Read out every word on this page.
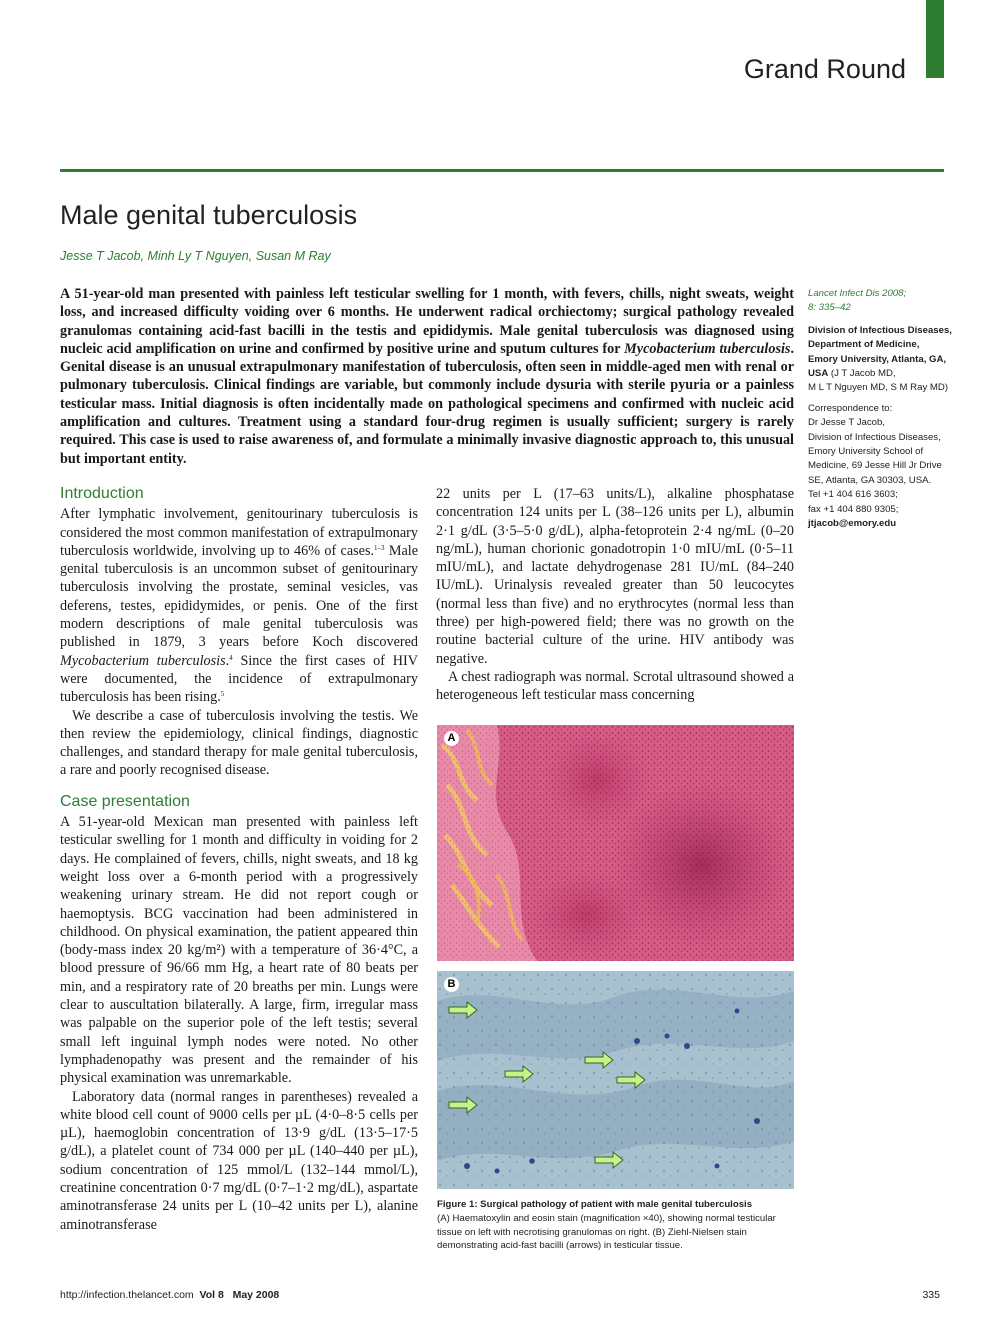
Grand Round
Male genital tuberculosis
Jesse T Jacob, Minh Ly T Nguyen, Susan M Ray

A 51-year-old man presented with painless left testicular swelling for 1 month, with fevers, chills, night sweats, weight loss, and increased difficulty voiding over 6 months. He underwent radical orchiectomy; surgical pathology revealed granulomas containing acid-fast bacilli in the testis and epididymis. Male genital tuberculosis was diagnosed using nucleic acid amplification on urine and confirmed by positive urine and sputum cultures for Mycobacterium tuberculosis. Genital disease is an unusual extrapulmonary manifestation of tuberculosis, often seen in middle-aged men with renal or pulmonary tuberculosis. Clinical findings are variable, but commonly include dysuria with sterile pyuria or a painless testicular mass. Initial diagnosis is often incidentally made on pathological specimens and confirmed with nucleic acid amplification and cultures. Treatment using a standard four-drug regimen is usually sufficient; surgery is rarely required. This case is used to raise awareness of, and formulate a minimally invasive diagnostic approach to, this unusual but important entity.

Introduction

After lymphatic involvement, genitourinary tuberculosis is considered the most common manifestation of extrapulmonary tuberculosis worldwide, involving up to 46% of cases.$^{1-3}$ Male genital tuberculosis is an uncommon subset of genitourinary tuberculosis involving the prostate, seminal vesicles, vas deferens, testes, epididymides, or penis. One of the first modern descriptions of male genital tuberculosis was published in 1879, 3 years before Koch discovered Mycobacterium tuberculosis.$^4$ Since the first cases of HIV were documented, the incidence of extrapulmonary tuberculosis has been rising.$^5$

We describe a case of tuberculosis involving the testis. We then review the epidemiology, clinical findings, diagnostic challenges, and standard therapy for male genital tuberculosis, a rare and poorly recognised disease.

Case presentation

A 51-year-old Mexican man presented with painless left testicular swelling for 1 month and difficulty in voiding for 2 days. He complained of fevers, chills, night sweats, and 18 kg weight loss over a 6-month period with a progressively weakening urinary stream. He did not report cough or haemoptysis. BCG vaccination had been administered in childhood. On physical examination, the patient appeared thin (body-mass index 20 kg/m²) with a temperature of 36·4°C, a blood pressure of 96/66 mm Hg, a heart rate of 80 beats per min, and a respiratory rate of 20 breaths per min. Lungs were clear to auscultation bilaterally. A large, firm, irregular mass was palpable on the superior pole of the left testis; several small left inguinal lymph nodes were noted. No other lymphadenopathy was present and the remainder of his physical examination was unremarkable.

Laboratory data (normal ranges in parentheses) revealed a white blood cell count of 9000 cells per µL (4·0–8·5 cells per µL), haemoglobin concentration of 13·9 g/dL (13·5–17·5 g/dL), a platelet count of 734 000 per µL (140–440 per µL), sodium concentration of 125 mmol/L (132–144 mmol/L), creatinine concentration 0·7 mg/dL (0·7–1·2 mg/dL), aspartate aminotransferase 24 units per L (10–42 units per L), alanine aminotransferase

22 units per L (17–63 units/L), alkaline phosphatase concentration 124 units per L (38–126 units per L), albumin 2·1 g/dL (3·5–5·0 g/dL), alpha-fetoprotein 2·4 ng/mL (0–20 ng/mL), human chorionic gonadotropin 1·0 mIU/mL (0·5–11 mIU/mL), and lactate dehydrogenase 281 IU/mL (84–240 IU/mL). Urinalysis revealed greater than 50 leucocytes (normal less than five) and no erythrocytes (normal less than three) per high-powered field; there was no growth on the routine bacterial culture of the urine. HIV antibody was negative.

A chest radiograph was normal. Scrotal ultrasound showed a heterogeneous left testicular mass concerning

Lancet Infect Dis 2008;
8: 335–42
Division of Infectious Diseases,
Department of Medicine,
Emory University, Atlanta, GA,
USA (J T Jacob MD,
M L T Nguyen MD, S M Ray MD)
Correspondence to:
Dr Jesse T Jacob,
Division of Infectious Diseases,
Emory University School of
Medicine, 69 Jesse Hill Jr Drive
SE, Atlanta, GA 30303, USA.
Tel +1 404 616 3603;
fax +1 404 880 9305;
jtjacob@emory.edu
A
B
Figure 1: Surgical pathology of patient with male genital tuberculosis
(A) Haematoxylin and eosin stain (magnification ×40), showing normal testicular tissue on left with necrotising granulomas on right. (B) Ziehl-Nielsen stain demonstrating acid-fast bacilli (arrows) in testicular tissue.
http://infection.thelancet.com  Vol 8   May 2008	335
